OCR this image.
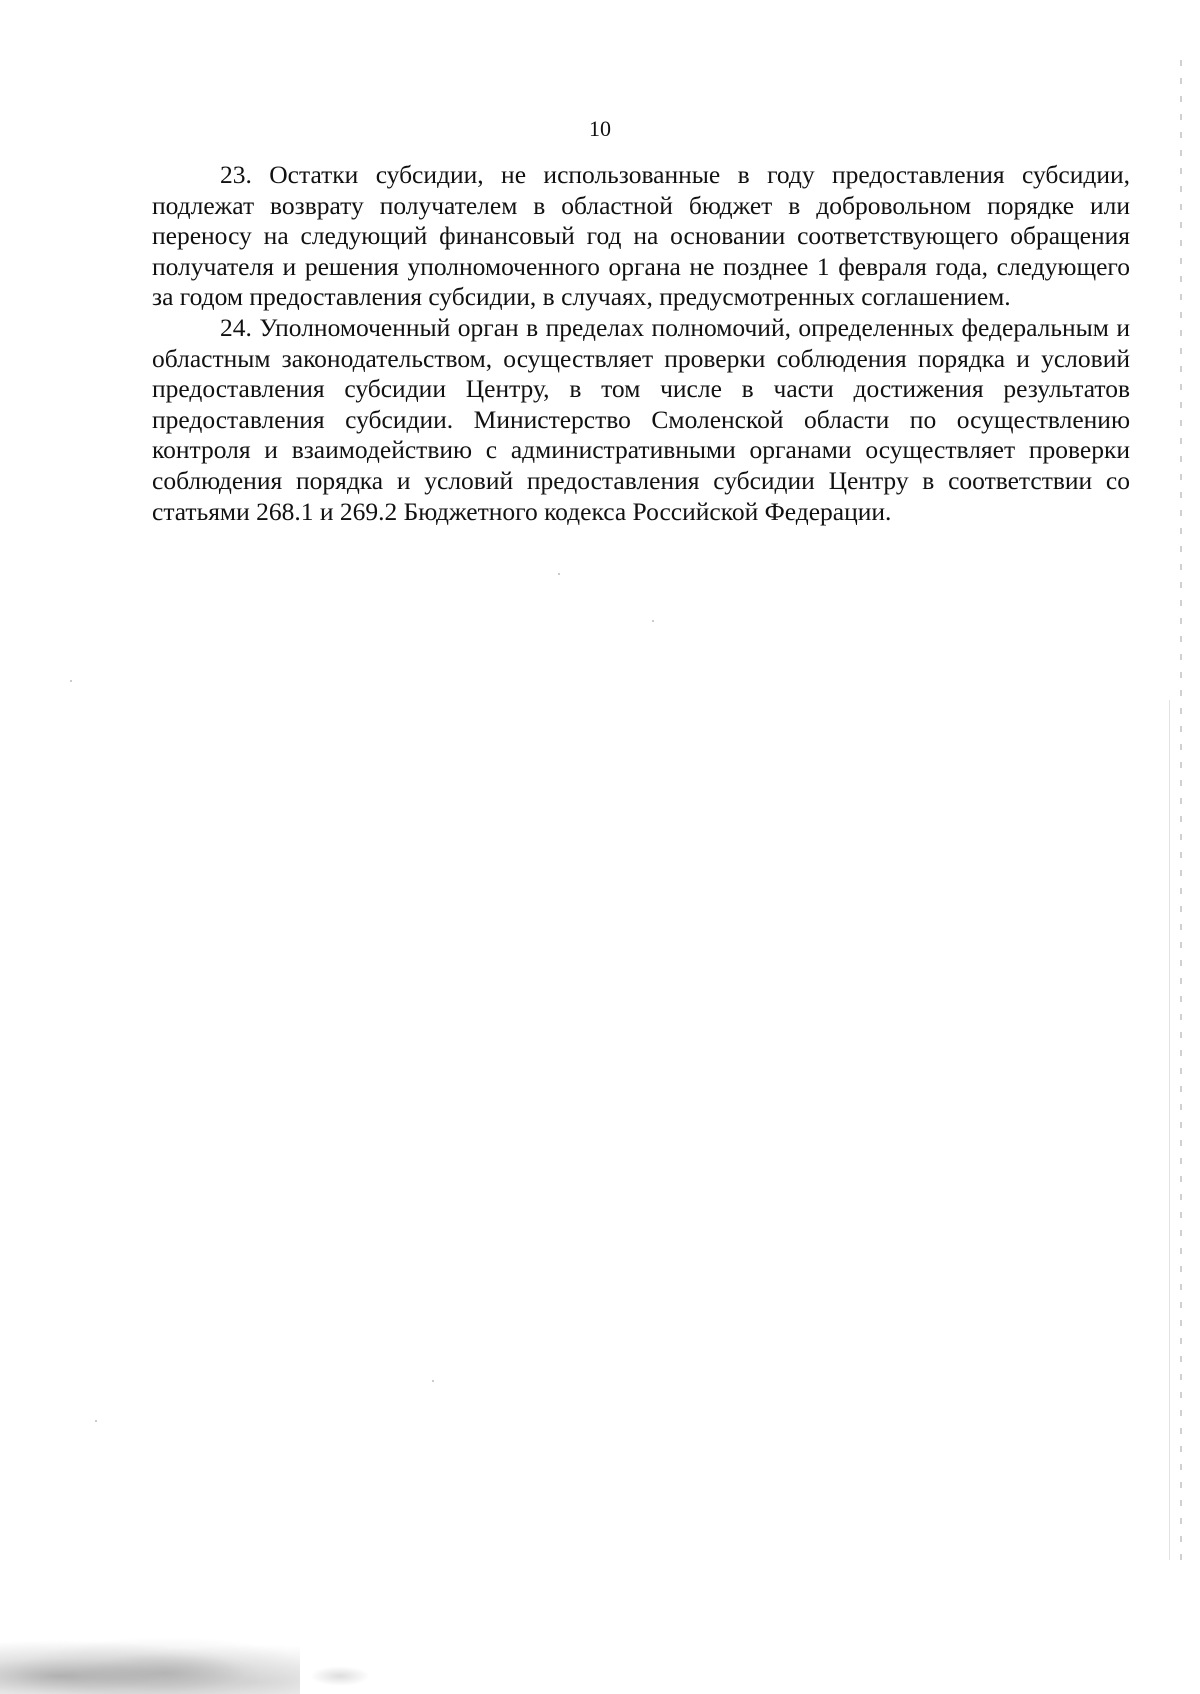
10

23. Остатки субсидии, не использованные в году предоставления субсидии, подлежат возврату получателем в областной бюджет в добровольном порядке или переносу на следующий финансовый год на основании соответствующего обращения получателя и решения уполномоченного органа не позднее 1 февраля года, следующего за годом предоставления субсидии, в случаях, предусмотренных соглашением.

24. Уполномоченный орган в пределах полномочий, определенных федеральным и областным законодательством, осуществляет проверки соблюдения порядка и условий предоставления субсидии Центру, в том числе в части достижения результатов предоставления субсидии. Министерство Смоленской области по осуществлению контроля и взаимодействию с административными органами осуществляет проверки соблюдения порядка и условий предоставления субсидии Центру в соответствии со статьями 268.1 и 269.2 Бюджетного кодекса Российской Федерации.
